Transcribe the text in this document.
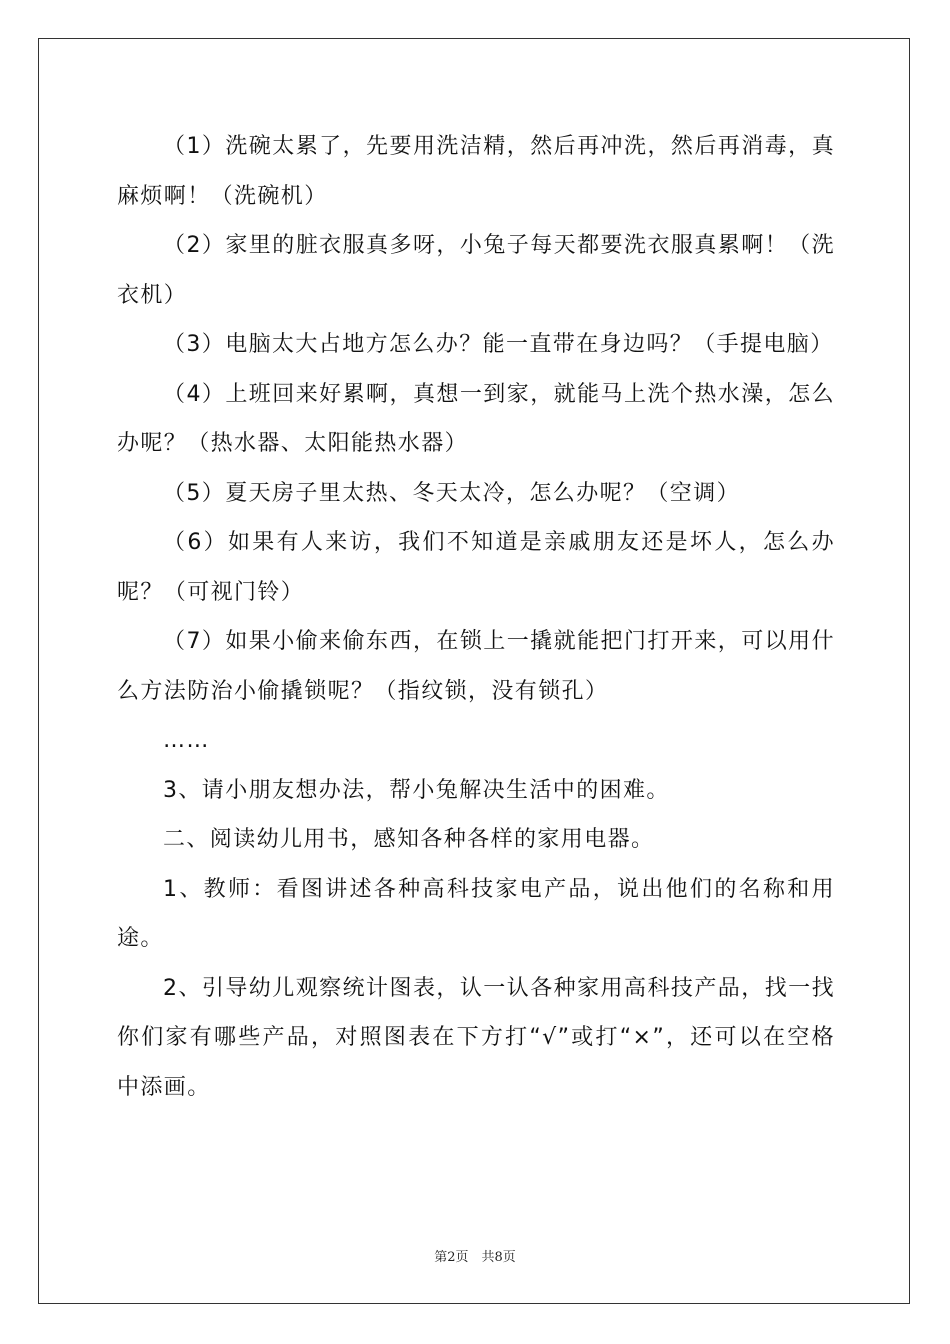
（1）洗碗太累了，先要用洗洁精，然后再冲洗，然后再消毒，真麻烦啊！（洗碗机）

（2）家里的脏衣服真多呀，小兔子每天都要洗衣服真累啊！（洗衣机）

（3）电脑太大占地方怎么办？能一直带在身边吗？（手提电脑）

（4）上班回来好累啊，真想一到家，就能马上洗个热水澡，怎么办呢？（热水器、太阳能热水器）

（5）夏天房子里太热、冬天太冷，怎么办呢？（空调）

（6）如果有人来访，我们不知道是亲戚朋友还是坏人，怎么办呢？（可视门铃）

（7）如果小偷来偷东西，在锁上一撬就能把门打开来，可以用什么方法防治小偷撬锁呢？（指纹锁，没有锁孔）

……

3、请小朋友想办法，帮小兔解决生活中的困难。

二、阅读幼儿用书，感知各种各样的家用电器。

1、教师：看图讲述各种高科技家电产品，说出他们的名称和用途。

2、引导幼儿观察统计图表，认一认各种家用高科技产品，找一找你们家有哪些产品，对照图表在下方打“√”或打“×”，还可以在空格中添画。

第2页　共8页
